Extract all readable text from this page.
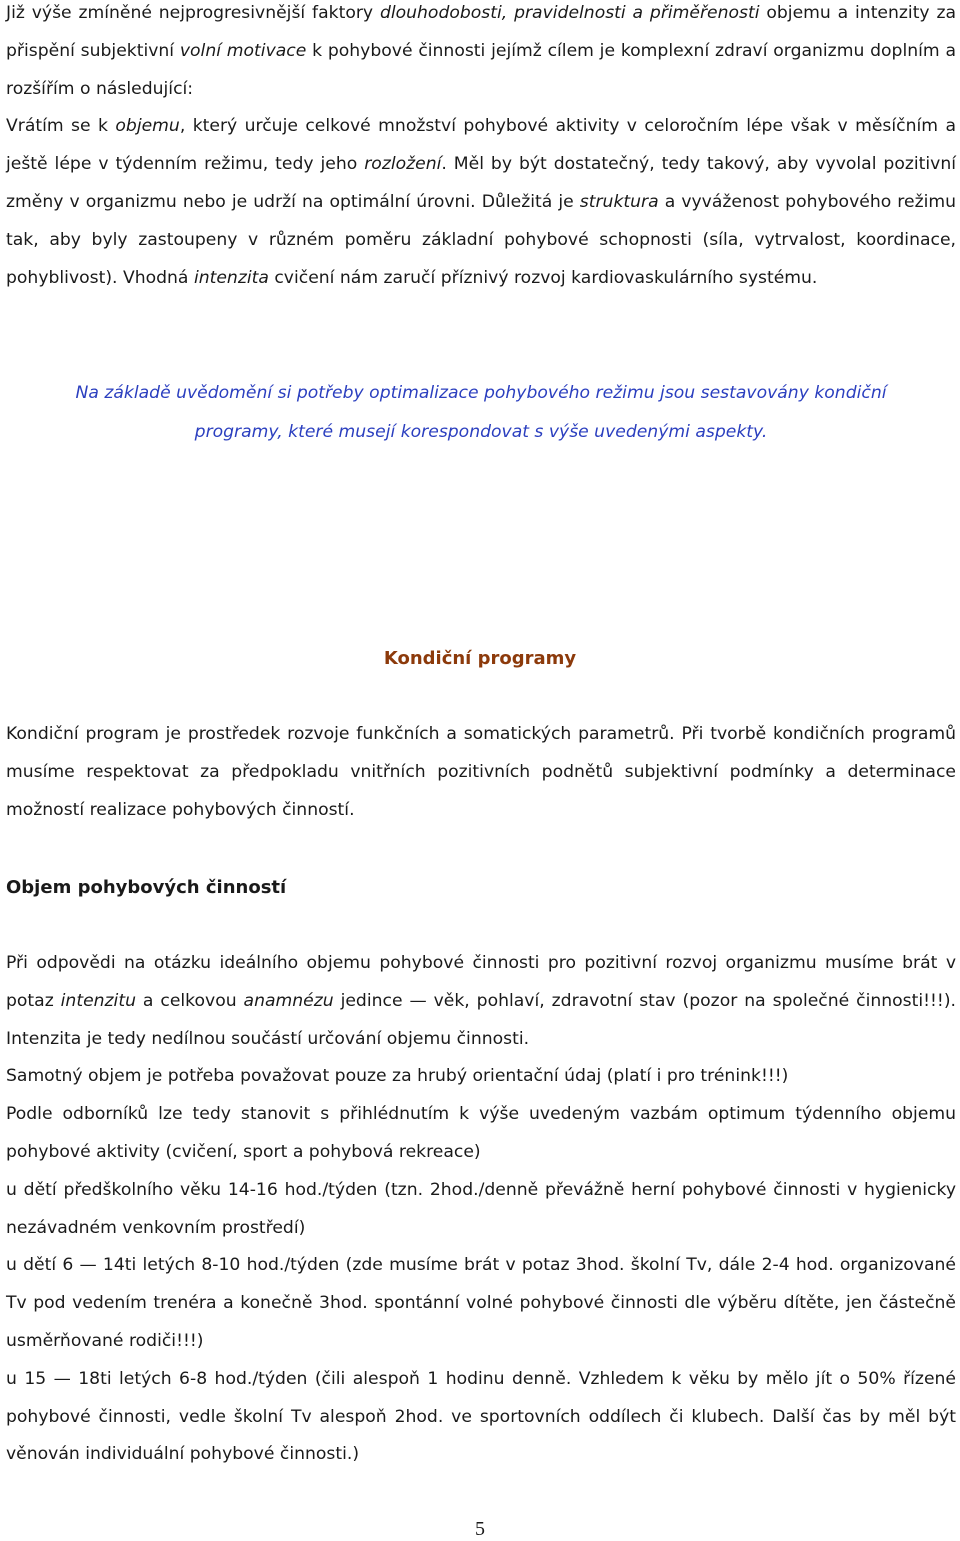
Již výše zmíněné nejprogresivnější faktory dlouhodobosti, pravidelnosti a přiměřenosti objemu a intenzity za přispění subjektivní volní motivace k pohybové činnosti jejímž cílem je komplexní zdraví organizmu doplním a rozšířím o následující:
Vrátím se k objemu, který určuje celkové množství pohybové aktivity v celoročním lépe však v měsíčním a ještě lépe v týdenním režimu, tedy jeho rozložení. Měl by být dostatečný, tedy takový, aby vyvolal pozitivní změny v organizmu nebo je udrží na optimální úrovni. Důležitá je struktura a vyváženost pohybového režimu tak, aby byly zastoupeny v různém poměru základní pohybové schopnosti (síla, vytrvalost, koordinace, pohyblivost). Vhodná intenzita cvičení nám zaručí příznivý rozvoj kardiovaskulárního systému.

Na základě uvědomění si potřeby optimalizace pohybového režimu jsou sestavovány kondiční programy, které musejí korespondovat s výše uvedenými aspekty.

Kondiční programy

Kondiční program je prostředek rozvoje funkčních a somatických parametrů. Při tvorbě kondičních programů musíme respektovat za předpokladu vnitřních pozitivních podnětů subjektivní podmínky a determinace možností realizace pohybových činností.

Objem pohybových činností
Při odpovědi na otázku ideálního objemu pohybové činnosti pro pozitivní rozvoj organizmu musíme brát v potaz intenzitu a celkovou anamnézu jedince — věk, pohlaví, zdravotní stav (pozor na společné činnosti!!!). Intenzita je tedy nedílnou součástí určování objemu činnosti.
Samotný objem je potřeba považovat pouze za hrubý orientační údaj (platí i pro trénink!!!)
Podle odborníků lze tedy stanovit s přihlédnutím k výše uvedeným vazbám optimum týdenního objemu pohybové aktivity (cvičení, sport a pohybová rekreace)
u dětí předškolního věku 14-16 hod./týden (tzn. 2hod./denně převážně herní pohybové činnosti v hygienicky nezávadném venkovním prostředí)
u dětí 6 — 14ti letých 8-10 hod./týden (zde musíme brát v potaz 3hod. školní Tv, dále 2-4 hod. organizované Tv pod vedením trenéra a konečně 3hod. spontánní volné pohybové činnosti dle výběru dítěte, jen částečně usměrňované rodiči!!!)
u 15 — 18ti letých 6-8 hod./týden (čili alespoň 1 hodinu denně. Vzhledem k věku by mělo jít o 50% řízené pohybové činnosti, vedle školní Tv alespoň 2hod. ve sportovních oddílech či klubech. Další čas by měl být věnován individuální pohybové činnosti.)
5
